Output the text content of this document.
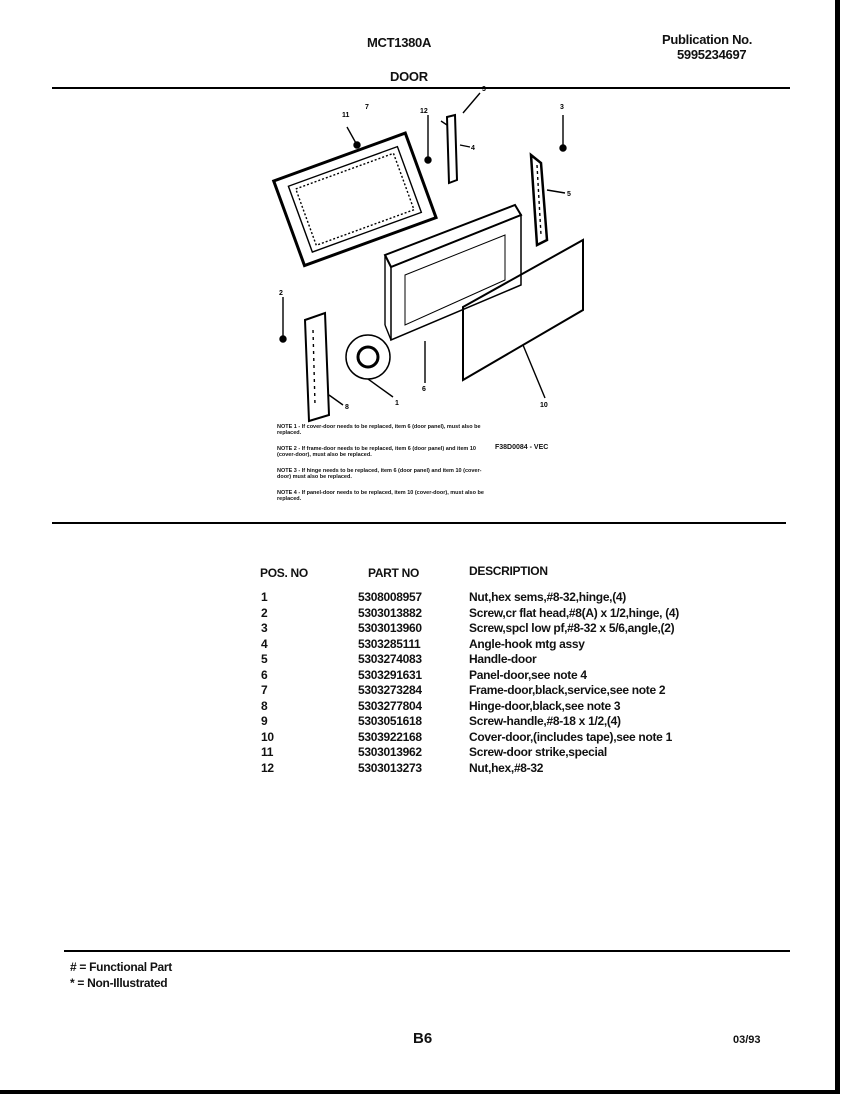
MCT1380A	Publication No.
5995234697
DOOR
11
7
12
3
4
3
5
2
1
6
8	10

NOTE 1 - If cover-door needs to be replaced, item 6 (door panel), must also be replaced.

NOTE 2 - If frame-door needs to be replaced, item 6 (door panel) and item 10 (cover-door), must also be replaced.

NOTE 3 - If hinge needs to be replaced, item 6 (door panel) and item 10 (cover-door) must also be replaced.

NOTE 4 - If panel-door needs to be replaced, item 10 (cover-door), must also be replaced.

F38D0084 - VEC
POS. NO	PART NO	DESCRIPTION
1	5308008957	Nut,hex sems,#8-32,hinge,(4)
2	5303013882	Screw,cr flat head,#8(A) x 1/2,hinge, (4)
3	5303013960	Screw,spcl low pf,#8-32 x 5/6,angle,(2)
4	5303285111	Angle-hook mtg assy
5	5303274083	Handle-door
6	5303291631	Panel-door,see note 4
7	5303273284	Frame-door,black,service,see note 2
8	5303277804	Hinge-door,black,see note 3
9	5303051618	Screw-handle,#8-18 x 1/2,(4)
10	5303922168	Cover-door,(includes tape),see note 1
11	5303013962	Screw-door strike,special
12	5303013273	Nut,hex,#8-32
# = Functional Part
* = Non-Illustrated
B6	03/93
